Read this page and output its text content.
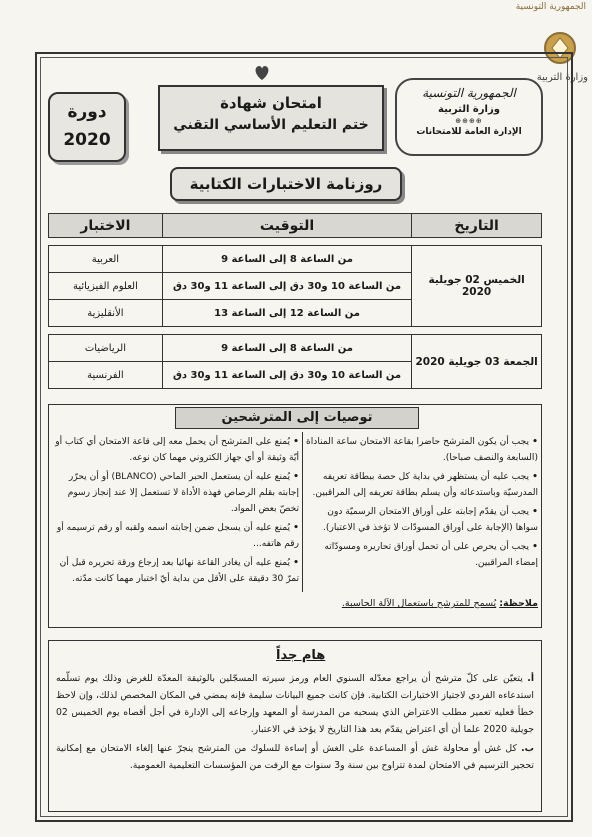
الجمهورية التونسية
وزارة التربية
دورة
2020
امتحان شهادة
ختم التعليم الأساسي التقني
الجمهورية التونسية
وزارة التربية
⊕⊕⊕⊕
الإدارة العامة للامتحانات
روزنامة الاختبارات الكتابية
التاريخ	التوقيت	الاختبار

الخميس 02 جويلية 2020	من الساعة 8 إلى الساعة 9	العربية
	من الساعة 10 و30 دق إلى الساعة 11 و30 دق	العلوم الفيزيائية
	من الساعة 12 إلى الساعة 13	الأنقليزية

الجمعة 03 جويلية 2020	من الساعة 8 إلى الساعة 9	الرياضيات
	من الساعة 10 و30 دق إلى الساعة 11 و30 دق	الفرنسية
توصيات إلى المترشحين

• يجب أن يكون المترشح حاضرا بقاعة الامتحان ساعة المناداة (السابعة والنصف صباحا).

• يجب عليه أن يستظهر في بداية كل حصة ببطاقة تعريفه المدرسيّة وباستدعائه وأن يسلم بطاقة تعريفه إلى المراقبين.

• يجب أن يقدّم إجابته على أوراق الامتحان الرسميّة دون سواها (الإجابة على أوراق المسودّات لا تؤخذ في الاعتبار).

• يجب أن يحرص على أن تحمل أوراق تحاريره ومسودّاته إمضاء المراقبين.

• يُمنع على المترشح أن يحمل معه إلى قاعة الامتحان أي كتاب أو أيّة وثيقة أو أي جهاز الكتروني مهما كان نوعه.

• يُمنع عليه أن يستعمل الحبر الماحي (BLANCO) أو أن يحرّر إجابته بقلم الرصاص فهذه الأداة لا تستعمل إلا عند إنجاز رسوم تخصّ بعض المواد.

• يُمنع عليه أن يسجل ضمن إجابته اسمه ولقبه أو رقم ترسيمه أو رقم هاتفه...

• يُمنع عليه أن يغادر القاعة نهائيا بعد إرجاع ورقة تحريره قبل أن تمرّ 30 دقيقة على الأقل من بداية أيّ اختبار مهما كانت مدّته.

ملاحظة: يُسمح للمترشح باستعمال الآلة الحاسبة.
هام جداً

أ. يتعيّن على كلّ مترشح أن يراجع معدّله السنوي العام ورمز سيرته المسجّلين بالوثيقة المعدّة للغرض وذلك يوم تسلّمه استدعاءه الفردي لاجتياز الاختبارات الكتابية. فإن كانت جميع البيانات سليمة فإنه يمضي في المكان المخصص لذلك، وإن لاحظ خطأ فعليه تعمير مطلب الاعتراض الذي يسحبه من المدرسة أو المعهد وإرجاعه إلى الإدارة في أجل أقصاه يوم الخميس 02 جويلية 2020 علما أن أي اعتراض يقدّم بعد هذا التاريخ لا يؤخذ في الاعتبار.

ب. كل غش أو محاولة غش أو المساعدة على الغش أو إساءة للسلوك من المترشح ينجرّ عنها إلغاء الامتحان مع إمكانية تحجير الترسيم في الامتحان لمدة تتراوح بين سنة و3 سنوات مع الرفت من المؤسسات التعليمية العمومية.
